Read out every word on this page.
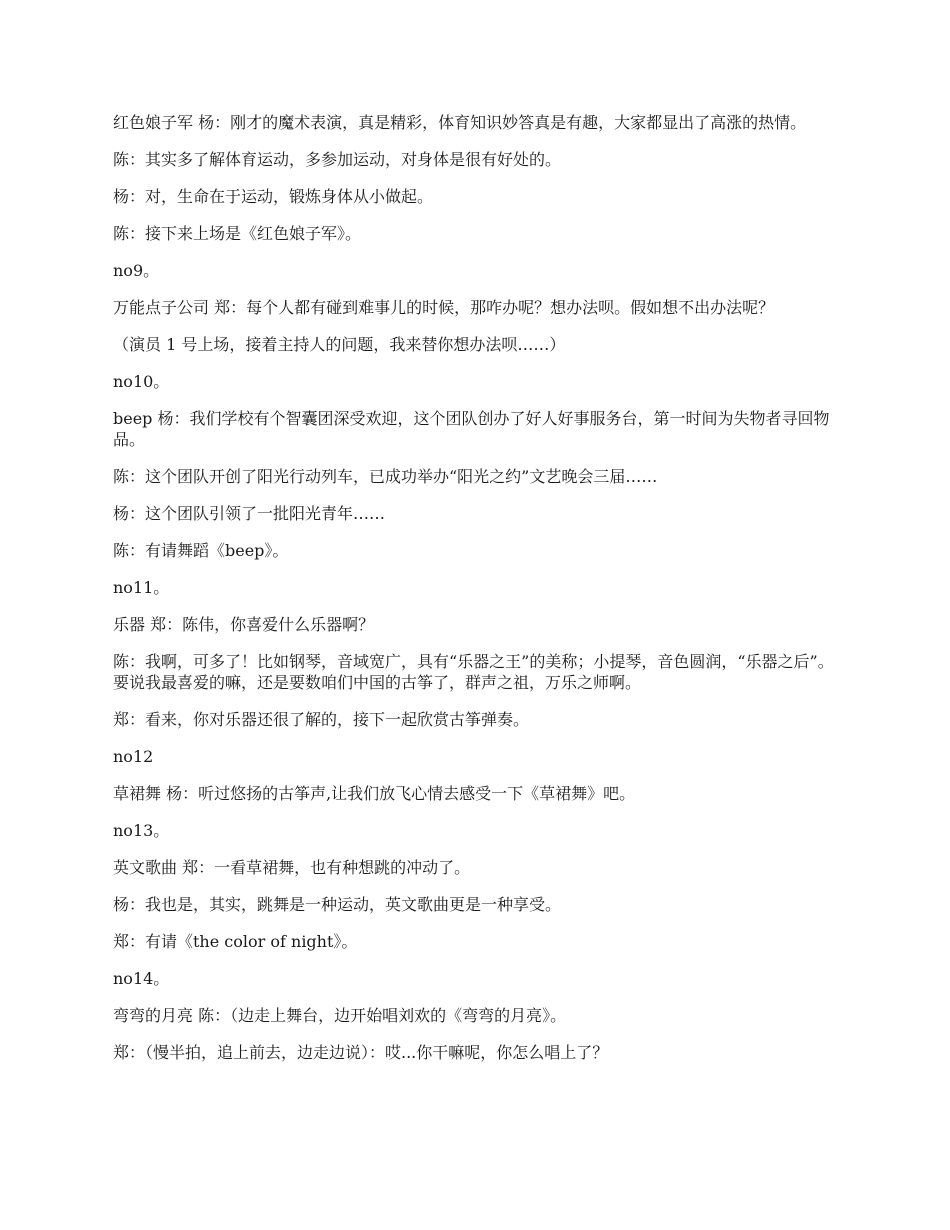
红色娘子军 杨：刚才的魔术表演，真是精彩，体育知识妙答真是有趣，大家都显出了高涨的热情。

陈：其实多了解体育运动，多参加运动，对身体是很有好处的。

杨：对，生命在于运动，锻炼身体从小做起。

陈：接下来上场是《红色娘子军》。

no9。

万能点子公司 郑：每个人都有碰到难事儿的时候，那咋办呢？想办法呗。假如想不出办法呢？

（演员 1 号上场，接着主持人的问题，我来替你想办法呗……）

no10。

beep 杨：我们学校有个智囊团深受欢迎，这个团队创办了好人好事服务台，第一时间为失物者寻回物品。

陈：这个团队开创了阳光行动列车，已成功举办“阳光之约”文艺晚会三届……

杨：这个团队引领了一批阳光青年……

陈：有请舞蹈《beep》。

no11。

乐器 郑：陈伟，你喜爱什么乐器啊？

陈：我啊，可多了！比如钢琴，音域宽广，具有“乐器之王”的美称；小提琴，音色圆润，“乐器之后”。要说我最喜爱的嘛，还是要数咱们中国的古筝了，群声之祖，万乐之师啊。

郑：看来，你对乐器还很了解的，接下一起欣赏古筝弹奏。

no12

草裙舞 杨：听过悠扬的古筝声,让我们放飞心情去感受一下《草裙舞》吧。

no13。

英文歌曲 郑：一看草裙舞，也有种想跳的冲动了。

杨：我也是，其实，跳舞是一种运动，英文歌曲更是一种享受。

郑：有请《the color of night》。

no14。

弯弯的月亮 陈：（边走上舞台，边开始唱刘欢的《弯弯的月亮》。

郑：（慢半拍，追上前去，边走边说）：哎...你干嘛呢，你怎么唱上了？
